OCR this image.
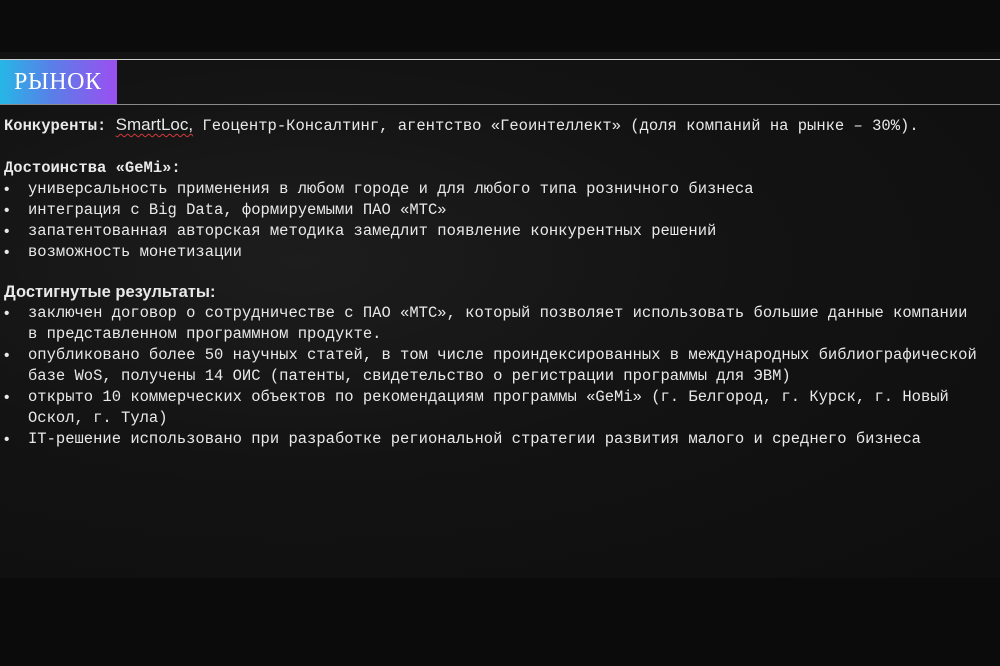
РЫНОК

Конкуренты: SmartLoc, Геоцентр-Консалтинг, агентство «Геоинтеллект» (доля компаний на рынке – 30%).

Достоинства «GeMi»:
• универсальность применения в любом городе и для любого типа розничного бизнеса
• интеграция с Big Data, формируемыми ПАО «МТС»
• запатентованная авторская методика замедлит появление конкурентных решений
• возможность монетизации
Достигнутые результаты:
• заключен договор о сотрудничестве с ПАО «МТС», который позволяет использовать большие данные компании в представленном программном продукте.
• опубликовано более 50 научных статей, в том числе проиндексированных в международных библиографической базе WoS, получены 14 ОИС (патенты, свидетельство о регистрации программы для ЭВМ)
• открыто 10 коммерческих объектов по рекомендациям программы «GeMi» (г. Белгород, г. Курск, г. Новый Оскол, г. Тула)
• IT-решение использовано при разработке региональной стратегии развития малого и среднего бизнеса
